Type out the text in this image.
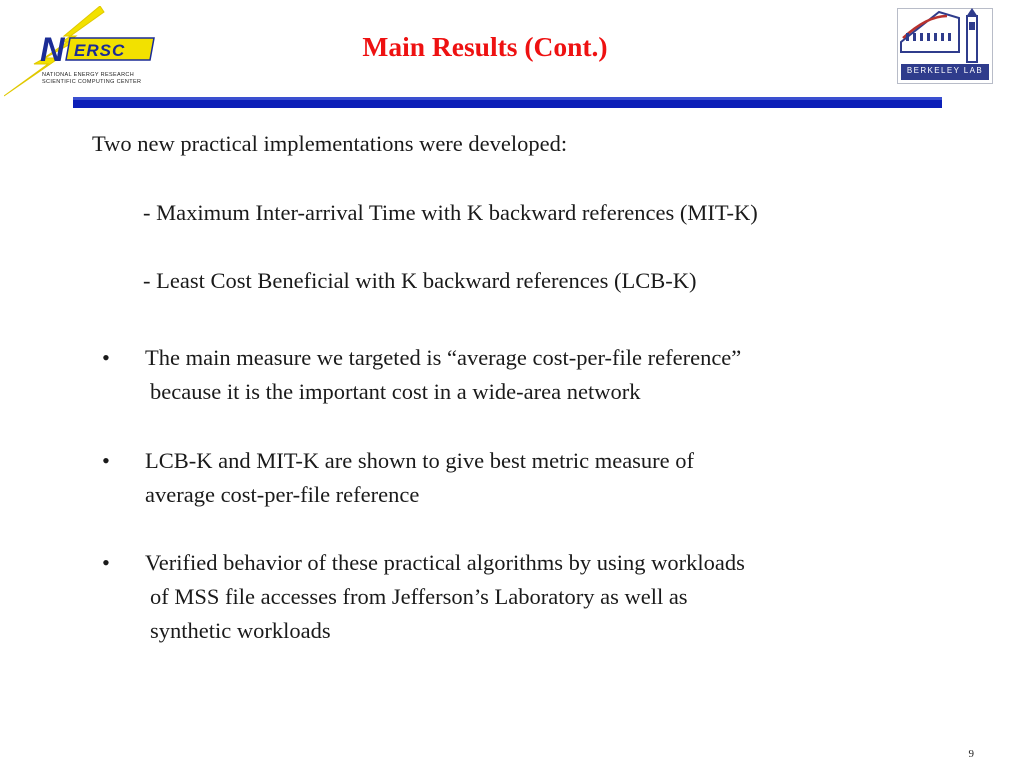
N ERSC
NATIONAL ENERGY RESEARCH
SCIENTIFIC COMPUTING CENTER
Main Results (Cont.)
BERKELEY LAB
Two new practical implementations were developed:
- Maximum Inter-arrival Time with K backward references (MIT-K)
- Least Cost Beneficial with K backward references (LCB-K)
• The main measure we targeted is “average cost-per-file reference”
because it is the important cost in a wide-area network
• LCB-K and MIT-K are shown to give best metric measure of
average cost-per-file reference
• Verified behavior of these practical algorithms by using workloads
of MSS file accesses from Jefferson’s Laboratory as well as
synthetic workloads
9
